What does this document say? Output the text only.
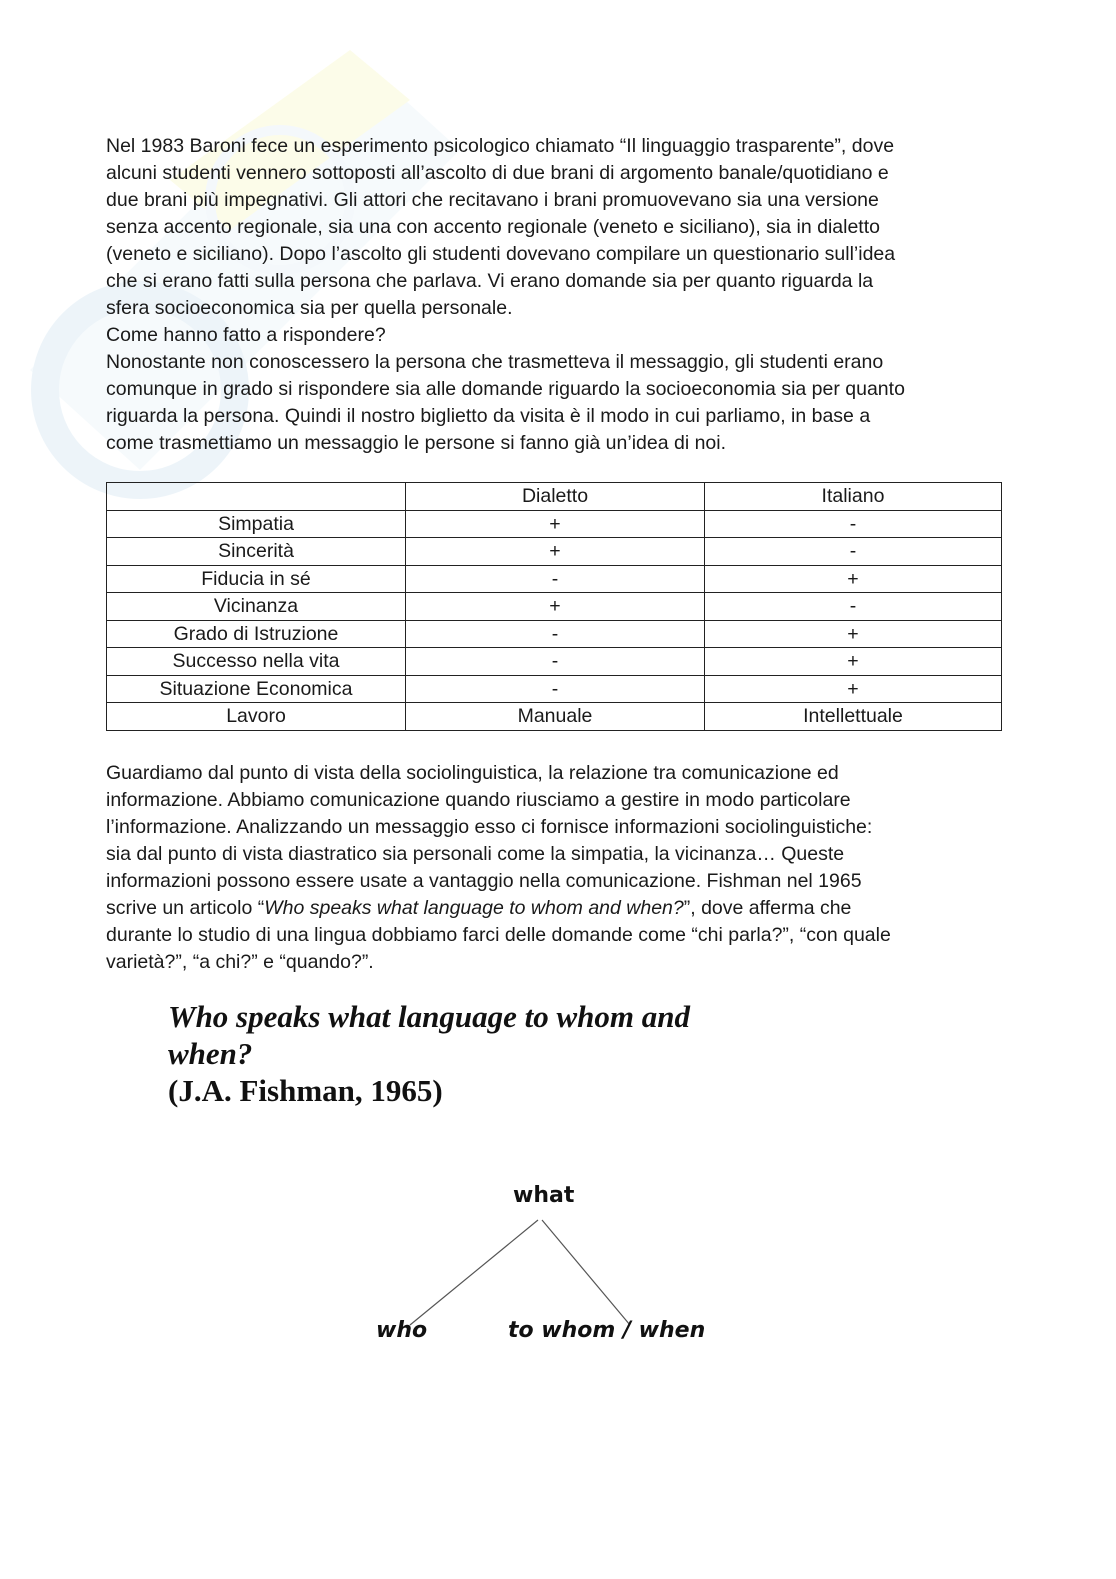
Nel 1983 Baroni fece un esperimento psicologico chiamato “Il linguaggio trasparente”, dove
alcuni studenti vennero sottoposti all’ascolto di due brani di argomento banale/quotidiano e
due brani più impegnativi. Gli attori che recitavano i brani promuovevano sia una versione
senza accento regionale, sia una con accento regionale (veneto e siciliano), sia in dialetto
(veneto e siciliano). Dopo l’ascolto gli studenti dovevano compilare un questionario sull’idea
che si erano fatti sulla persona che parlava. Vi erano domande sia per quanto riguarda la
sfera socioeconomica sia per quella personale.
Come hanno fatto a rispondere?
Nonostante non conoscessero la persona che trasmetteva il messaggio, gli studenti erano
comunque in grado si rispondere sia alle domande riguardo la socioeconomia sia per quanto
riguarda la persona. Quindi il nostro biglietto da visita è il modo in cui parliamo, in base a
come trasmettiamo un messaggio le persone si fanno già un’idea di noi.
	Dialetto	Italiano
Simpatia	+	-
Sincerità	+	-
Fiducia in sé	-	+
Vicinanza	+	-
Grado di Istruzione	-	+
Successo nella vita	-	+
Situazione Economica	-	+
Lavoro	Manuale	Intellettuale
Guardiamo dal punto di vista della sociolinguistica, la relazione tra comunicazione ed
informazione. Abbiamo comunicazione quando riusciamo a gestire in modo particolare
l’informazione. Analizzando un messaggio esso ci fornisce informazioni sociolinguistiche:
sia dal punto di vista diastratico sia personali come la simpatia, la vicinanza… Queste
informazioni possono essere usate a vantaggio nella comunicazione. Fishman nel 1965
scrive un articolo “Who speaks what language to whom and when?”, dove afferma che
durante lo studio di una lingua dobbiamo farci delle domande come “chi parla?”, “con quale
varietà?”, “a chi?” e “quando?”.
Who speaks what language to whom and
when?
(J.A. Fishman, 1965)
what
who	to whom / when
